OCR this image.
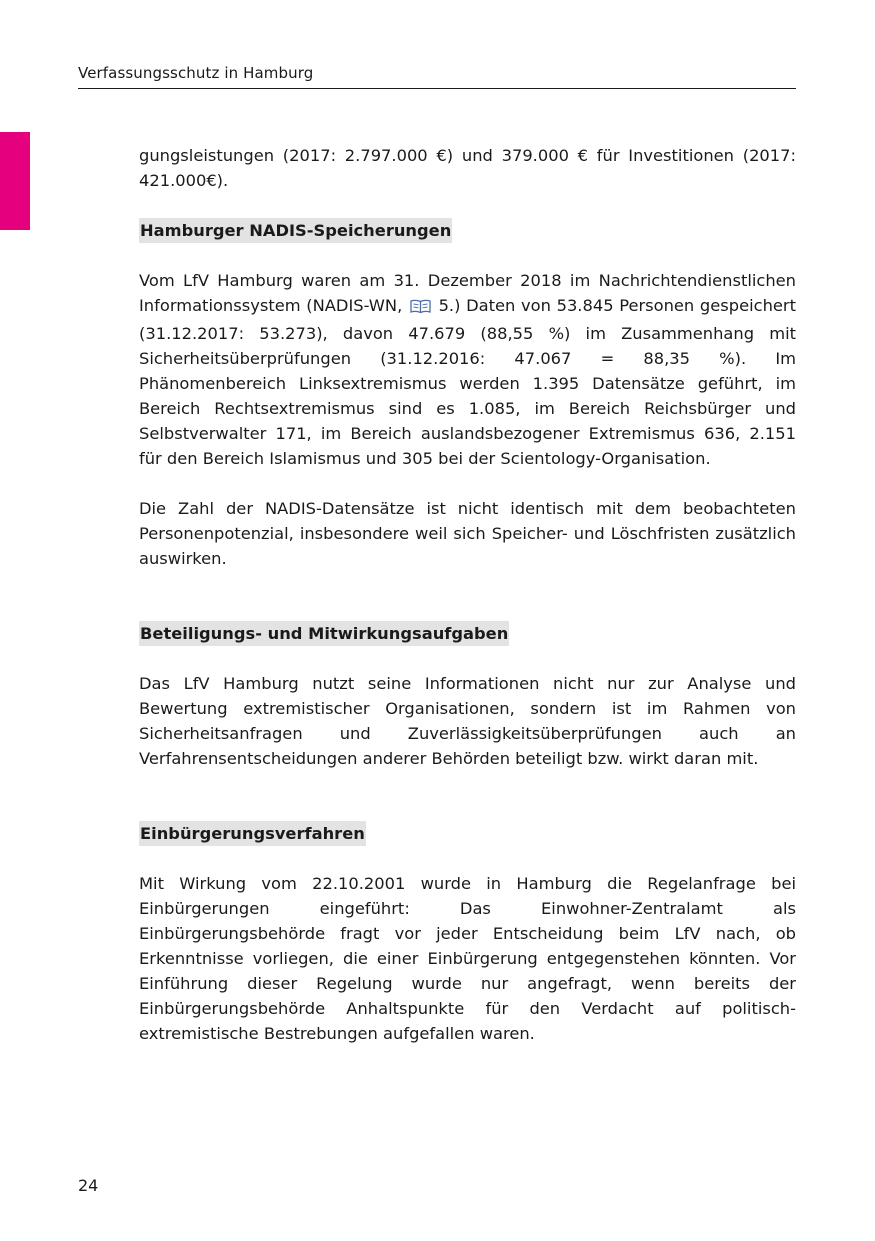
Verfassungsschutz in Hamburg

gungsleistungen (2017: 2.797.000 €) und 379.000 € für Investitionen (2017: 421.000€).

Hamburger NADIS-Speicherungen

Vom LfV Hamburg waren am 31. Dezember 2018 im Nachrichtendienstlichen Informationssystem (NADIS-WN, 5.) Daten von 53.845 Personen gespeichert (31.12.2017: 53.273), davon 47.679 (88,55 %) im Zusammenhang mit Sicherheitsüberprüfungen (31.12.2016: 47.067 = 88,35 %). Im Phänomenbereich Linksextremismus werden 1.395 Datensätze geführt, im Bereich Rechtsextremismus sind es 1.085, im Bereich Reichsbürger und Selbstverwalter 171, im Bereich auslandsbezogener Extremismus 636, 2.151 für den Bereich Islamismus und 305 bei der Scientology-Organisation.

Die Zahl der NADIS-Datensätze ist nicht identisch mit dem beobachteten Personenpotenzial, insbesondere weil sich Speicher- und Löschfristen zusätzlich auswirken.

Beteiligungs- und Mitwirkungsaufgaben

Das LfV Hamburg nutzt seine Informationen nicht nur zur Analyse und Bewertung extremistischer Organisationen, sondern ist im Rahmen von Sicherheitsanfragen und Zuverlässigkeitsüberprüfungen auch an Verfahrensentscheidungen anderer Behörden beteiligt bzw. wirkt daran mit.

Einbürgerungsverfahren

Mit Wirkung vom 22.10.2001 wurde in Hamburg die Regelanfrage bei Einbürgerungen eingeführt: Das Einwohner-Zentralamt als Einbürgerungsbehörde fragt vor jeder Entscheidung beim LfV nach, ob Erkenntnisse vorliegen, die einer Einbürgerung entgegenstehen könnten. Vor Einführung dieser Regelung wurde nur angefragt, wenn bereits der Einbürgerungsbehörde Anhaltspunkte für den Verdacht auf politisch-extremistische Bestrebungen aufgefallen waren.

24
